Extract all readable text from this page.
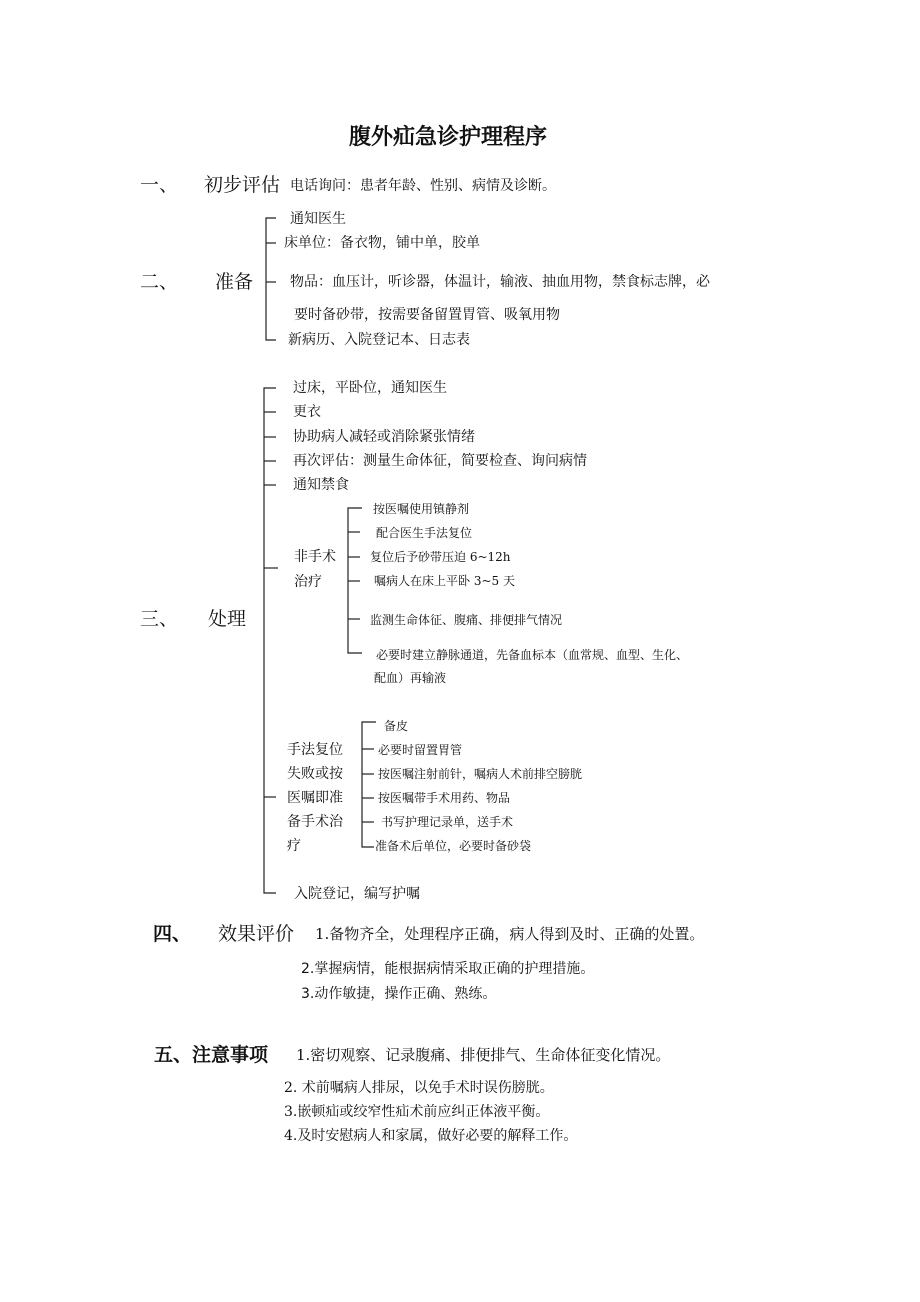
腹外疝急诊护理程序
一、 初步评估 电话询问：患者年龄、性别、病情及诊断。
二、 准备
通知医生
床单位：备衣物，铺中单，胶单
物品：血压计，听诊器，体温计，输液、抽血用物，禁食标志牌，必
要时备砂带，按需要备留置胃管、吸氧用物
新病历、入院登记本、日志表
三、 处理
过床，平卧位，通知医生
更衣
协助病人减轻或消除紧张情绪
再次评估：测量生命体征，简要检查、询问病情
通知禁食
非手术
治疗
按医嘱使用镇静剂
配合医生手法复位
复位后予砂带压迫 6~12h
嘱病人在床上平卧 3~5 天
监测生命体征、腹痛、排便排气情况
必要时建立静脉通道，先备血标本（血常规、血型、生化、
配血）再输液
手法复位
失败或按
医嘱即准
备手术治
疗
备皮
必要时留置胃管
按医嘱注射前针，嘱病人术前排空膀胱
按医嘱带手术用药、物品
书写护理记录单，送手术
准备术后单位，必要时备砂袋
入院登记，编写护嘱
四、 效果评价 1.备物齐全，处理程序正确，病人得到及时、正确的处置。
2.掌握病情，能根据病情采取正确的护理措施。
3.动作敏捷，操作正确、熟练。
五、注意事项 1.密切观察、记录腹痛、排便排气、生命体征变化情况。
2. 术前嘱病人排尿，以免手术时误伤膀胱。
3.嵌顿疝或绞窄性疝术前应纠正体液平衡。
4.及时安慰病人和家属，做好必要的解释工作。
